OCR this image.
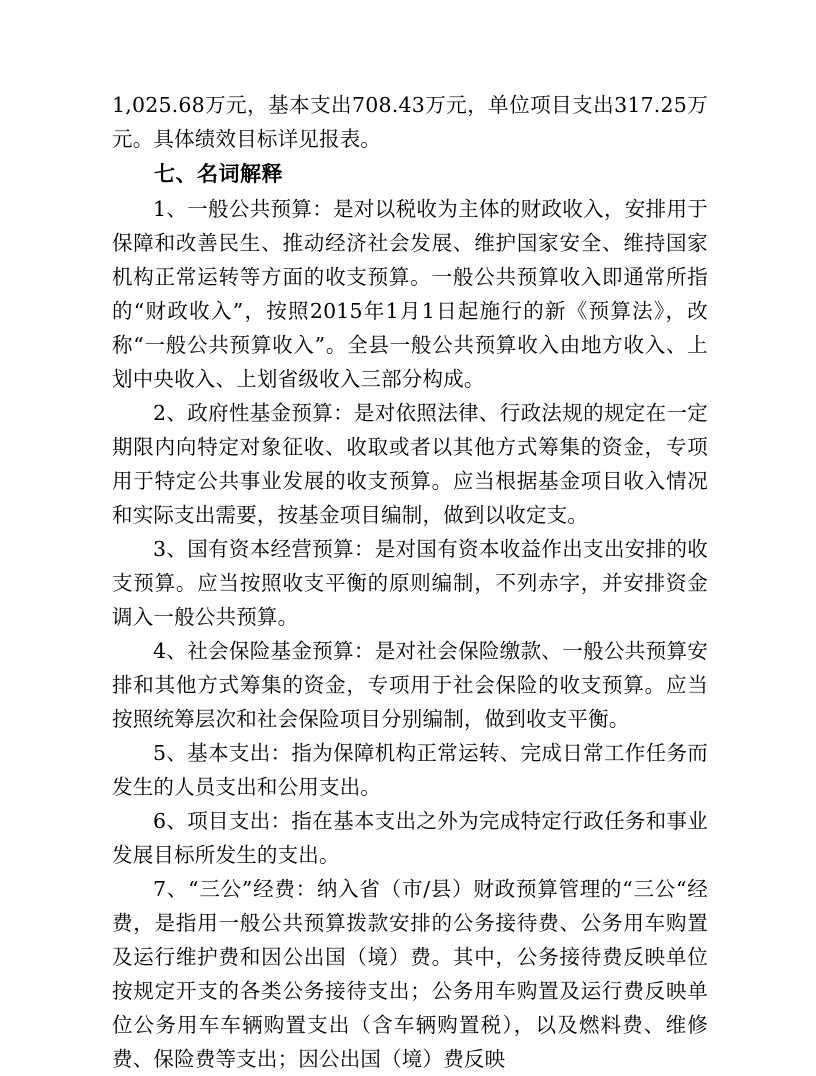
1,025.68万元，基本支出708.43万元，单位项目支出317.25万元。具体绩效目标详见报表。

七、名词解释

1、一般公共预算：是对以税收为主体的财政收入，安排用于保障和改善民生、推动经济社会发展、维护国家安全、维持国家机构正常运转等方面的收支预算。一般公共预算收入即通常所指的“财政收入”，按照2015年1月1日起施行的新《预算法》，改称“一般公共预算收入”。全县一般公共预算收入由地方收入、上划中央收入、上划省级收入三部分构成。

2、政府性基金预算：是对依照法律、行政法规的规定在一定期限内向特定对象征收、收取或者以其他方式筹集的资金，专项用于特定公共事业发展的收支预算。应当根据基金项目收入情况和实际支出需要，按基金项目编制，做到以收定支。

3、国有资本经营预算：是对国有资本收益作出支出安排的收支预算。应当按照收支平衡的原则编制，不列赤字，并安排资金调入一般公共预算。

4、社会保险基金预算：是对社会保险缴款、一般公共预算安排和其他方式筹集的资金，专项用于社会保险的收支预算。应当按照统筹层次和社会保险项目分别编制，做到收支平衡。

5、基本支出：指为保障机构正常运转、完成日常工作任务而发生的人员支出和公用支出。

6、项目支出：指在基本支出之外为完成特定行政任务和事业发展目标所发生的支出。

7、“三公”经费：纳入省（市/县）财政预算管理的“三公“经费，是指用一般公共预算拨款安排的公务接待费、公务用车购置及运行维护费和因公出国（境）费。其中，公务接待费反映单位按规定开支的各类公务接待支出；公务用车购置及运行费反映单位公务用车车辆购置支出（含车辆购置税），以及燃料费、维修费、保险费等支出；因公出国（境）费反映
